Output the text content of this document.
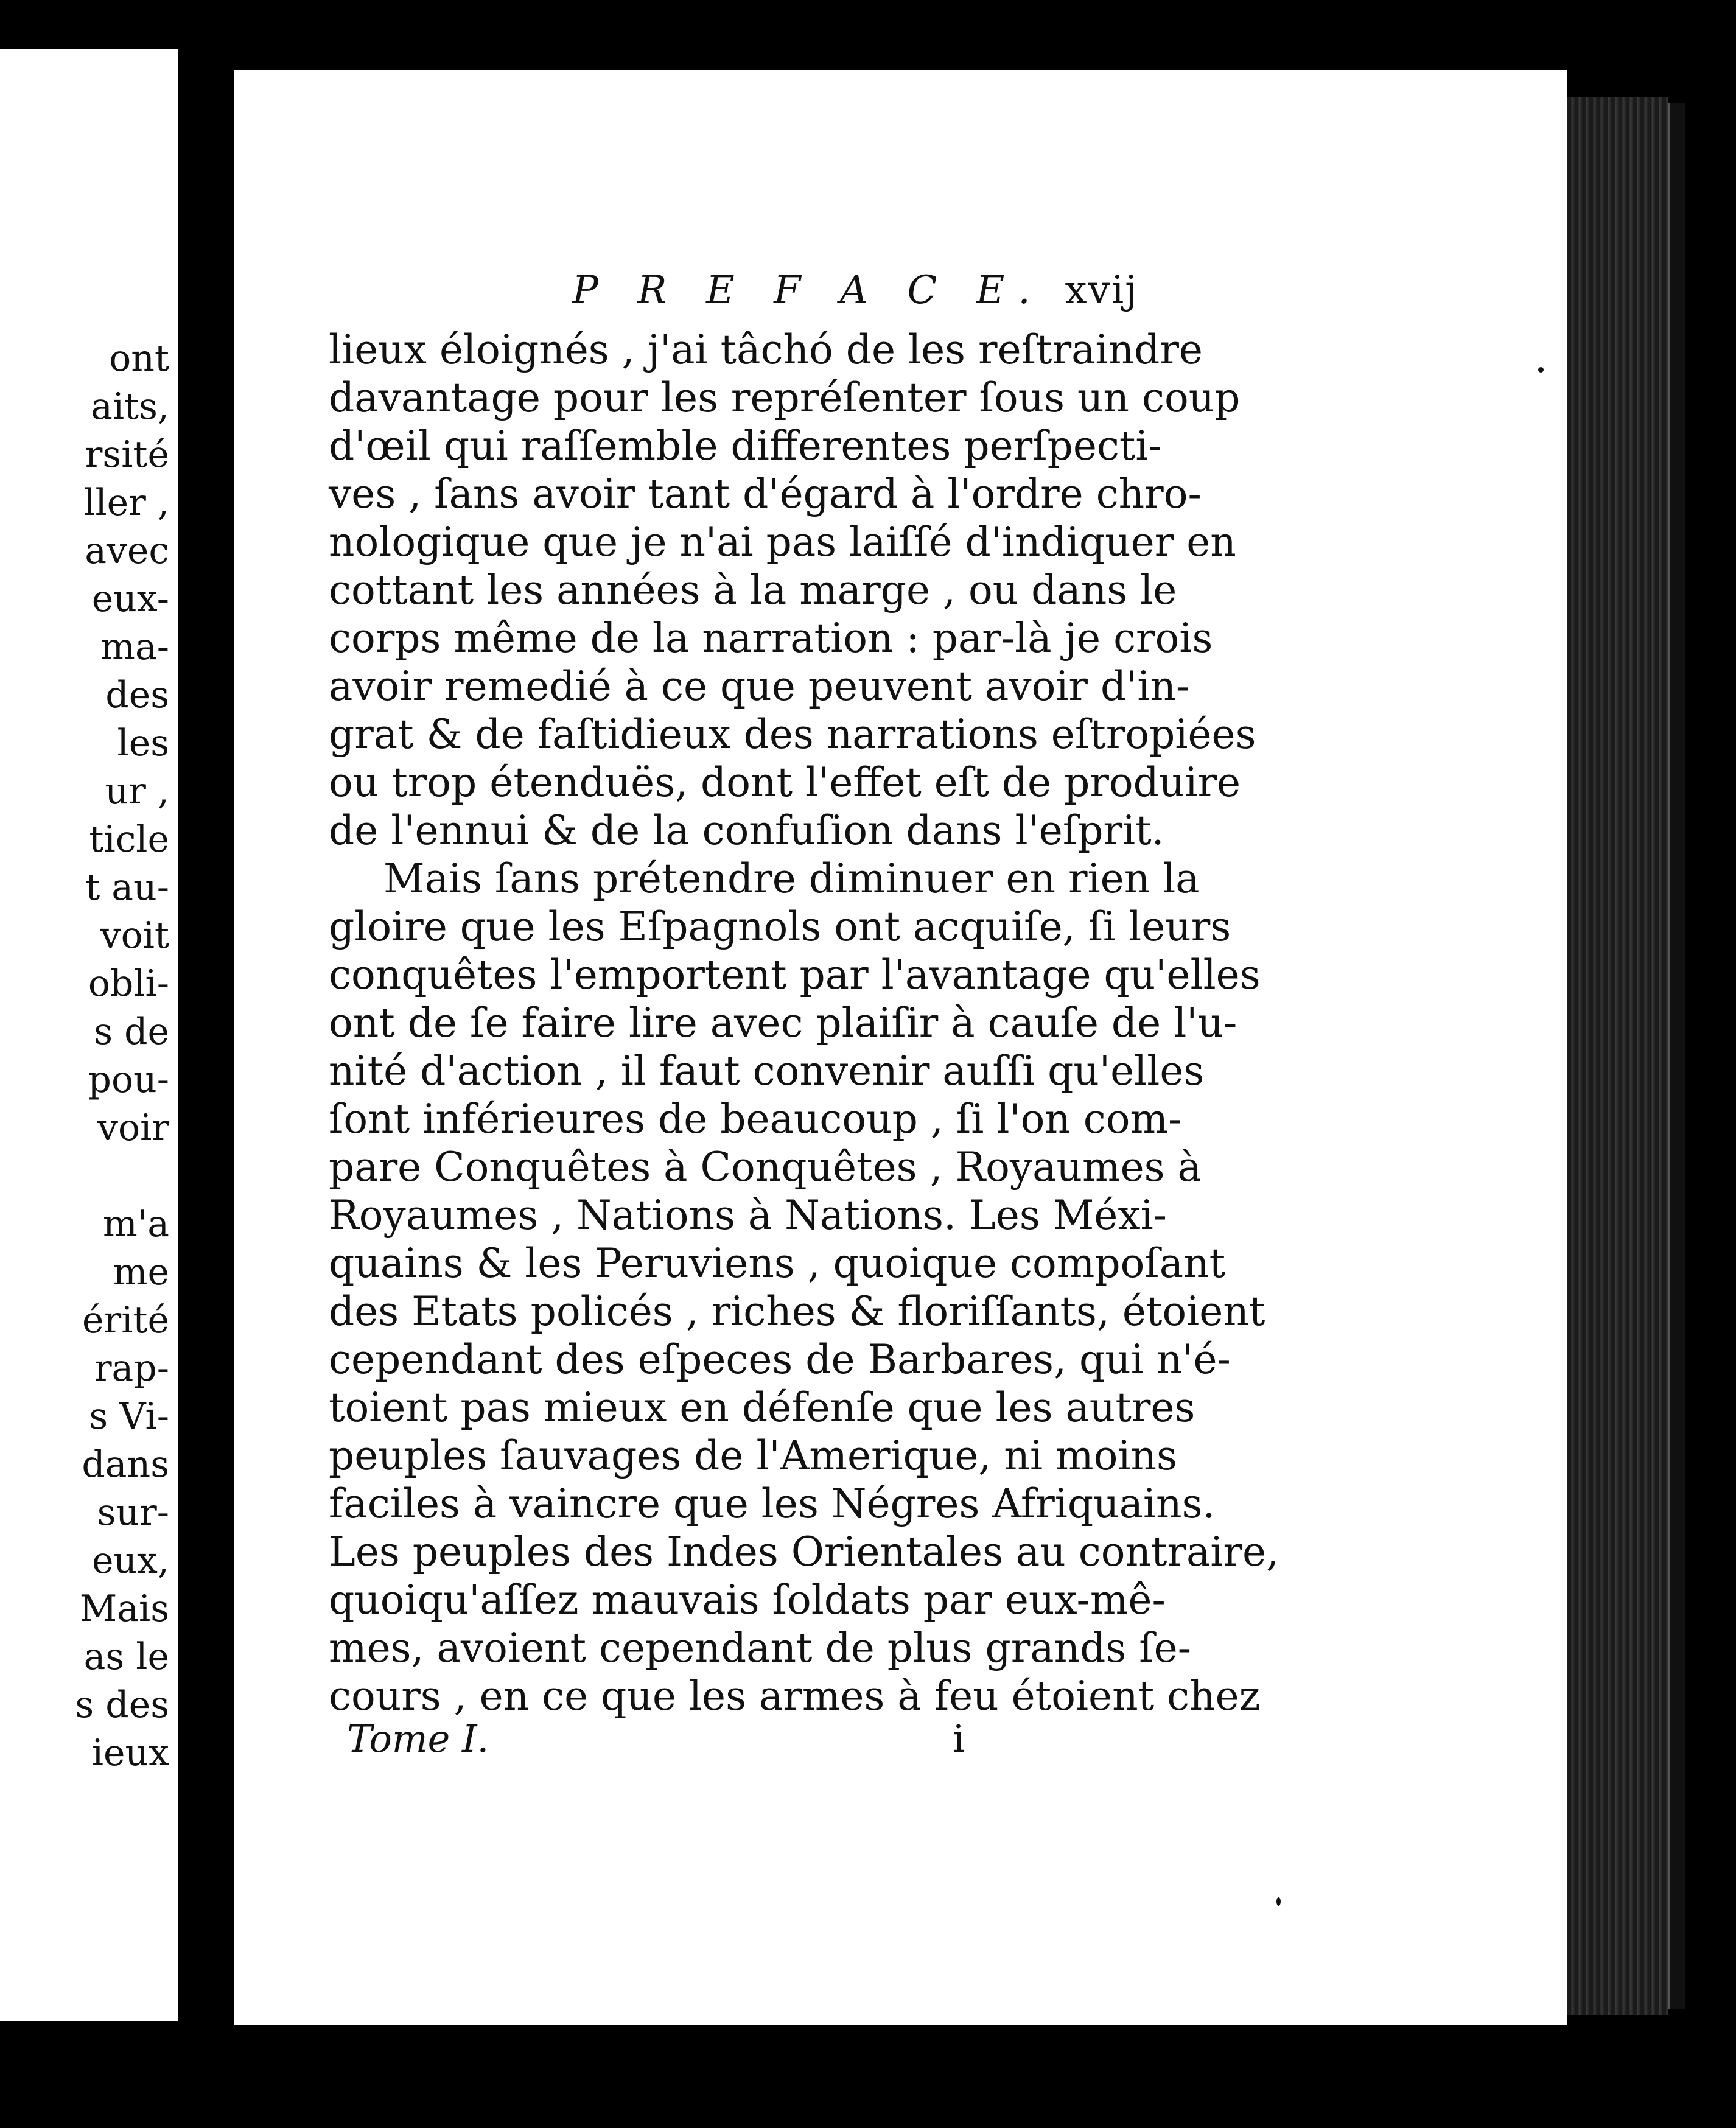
ont
aits,
rsité
ller ,
avec
eux-
ma-
des
les
ur ,
ticle
t au-
voit
obli-
s de
pou-
voir
m'a
me
érité
rap-
s Vi-
dans
sur-
eux,
Mais
as le
s des
ieux
P R E F A C E. xvij
lieux éloignés , j'ai tâchó de les reſtraindre
davantage pour les repréſenter ſous un coup
d'œil qui raſſemble differentes perſpecti-
ves , ſans avoir tant d'égard à l'ordre chro-
nologique que je n'ai pas laiſſé d'indiquer en
cottant les années à la marge , ou dans le
corps même de la narration : par-là je crois
avoir remedié à ce que peuvent avoir d'in-
grat & de faſtidieux des narrations eſtropiées
ou trop étenduës, dont l'effet eſt de produire
de l'ennui & de la confuſion dans l'eſprit.
Mais ſans prétendre diminuer en rien la
gloire que les Eſpagnols ont acquiſe, ſi leurs
conquêtes l'emportent par l'avantage qu'elles
ont de ſe faire lire avec plaiſir à cauſe de l'u-
nité d'action , il faut convenir auſſi qu'elles
ſont inférieures de beaucoup , ſi l'on com-
pare Conquêtes à Conquêtes , Royaumes à
Royaumes , Nations à Nations. Les Méxi-
quains & les Peruviens , quoique compoſant
des Etats policés , riches & floriſſants, étoient
cependant des eſpeces de Barbares, qui n'é-
toient pas mieux en défenſe que les autres
peuples ſauvages de l'Amerique, ni moins
faciles à vaincre que les Négres Afriquains.
Les peuples des Indes Orientales au contraire,
quoiqu'aſſez mauvais ſoldats par eux-mê-
mes, avoient cependant de plus grands ſe-
cours , en ce que les armes à feu étoient chez
Tome I.	i
